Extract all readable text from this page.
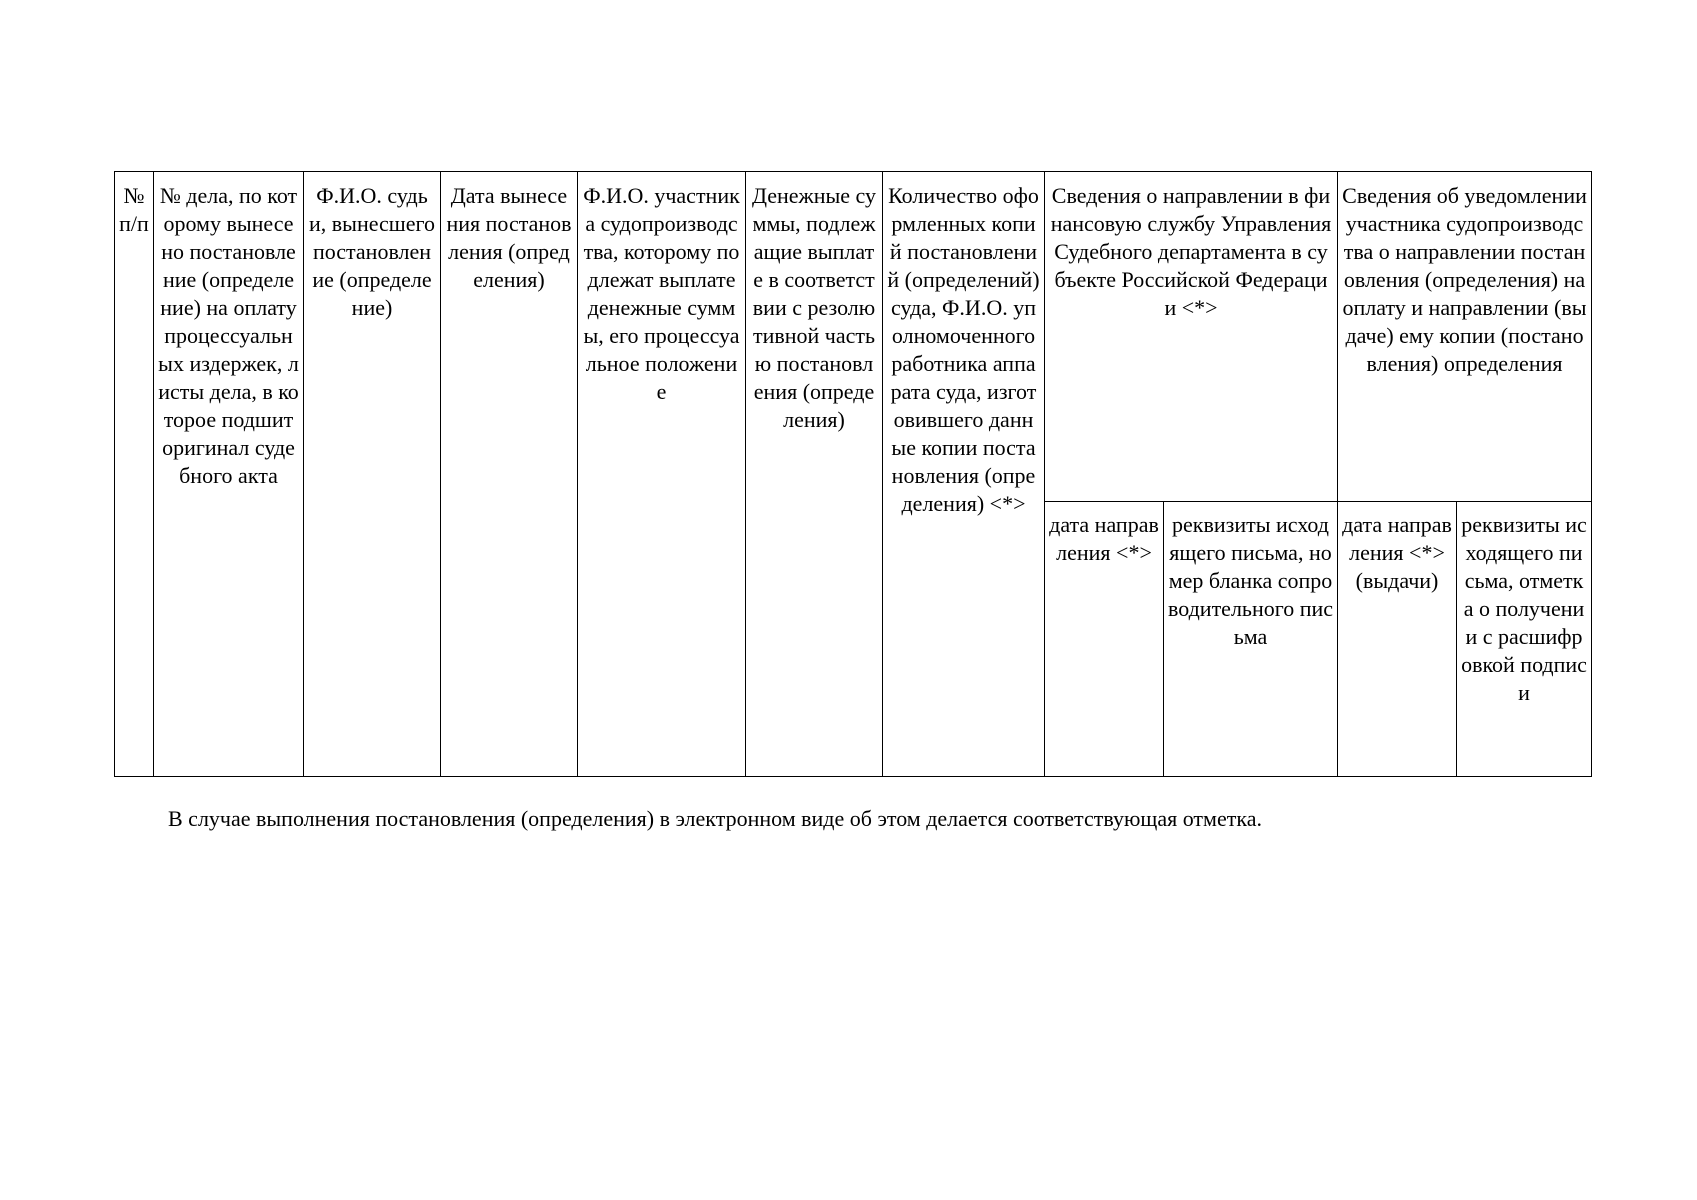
№ п/п	№ дела, по которому вынесено постановление (определение) на оплату процессуальных издержек, листы дела, в которое подшит оригинал судебного акта	Ф.И.О. судьи, вынесшего постановление (определение)	Дата вынесения постановления (определения)	Ф.И.О. участника судопроизводства, которому подлежат выплате денежные суммы, его процессуальное положение	Денежные суммы, подлежащие выплате в соответствии с резолютивной частью постановления (определения)	Количество оформленных копий постановлений (определений) суда, Ф.И.О. уполномоченного работника аппарата суда, изготовившего данные копии постановления (определения) <*>	Сведения о направлении в финансовую службу Управления Судебного департамента в субъекте Российской Федерации <*>		Сведения об уведомлении участника судопроизводства о направлении постановления (определения) на оплату и направлении (выдаче) ему копии (постановления) определения	
							дата направления <*>	реквизиты исходящего письма, номер бланка сопроводительного письма	дата направления <*> (выдачи)	реквизиты исходящего письма, отметка о получении с расшифровкой подписи
В случае выполнения постановления (определения) в электронном виде об этом делается соответствующая отметка.
